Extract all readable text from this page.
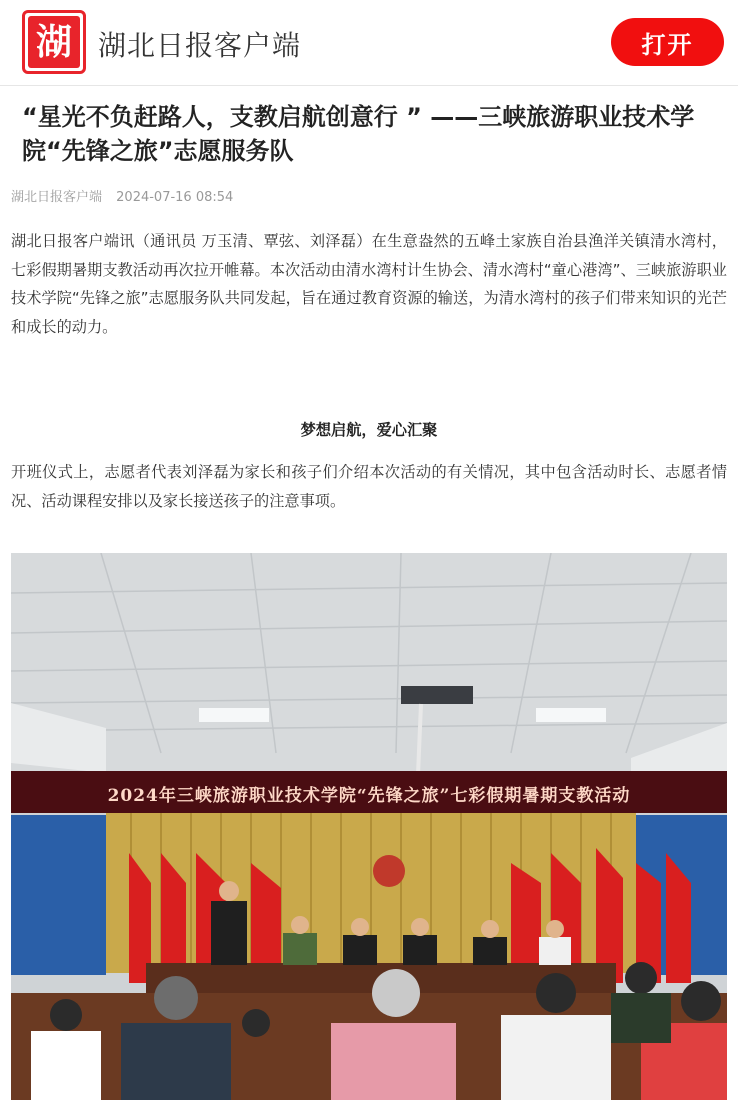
湖 湖北日报客户端	打开
“星光不负赶路人，支教启航创意行 ” ——三峡旅游职业技术学院“先锋之旅”志愿服务队
湖北日报客户端 2024-07-16 08:54

湖北日报客户端讯（通讯员 万玉清、覃弦、刘泽磊）在生意盎然的五峰土家族自治县渔洋关镇清水湾村，七彩假期暑期支教活动再次拉开帷幕。本次活动由清水湾村计生协会、清水湾村“童心港湾”、三峡旅游职业技术学院“先锋之旅”志愿服务队共同发起，旨在通过教育资源的输送，为清水湾村的孩子们带来知识的光芒和成长的动力。

梦想启航，爱心汇聚

开班仪式上，志愿者代表刘泽磊为家长和孩子们介绍本次活动的有关情况，其中包含活动时长、志愿者情况、活动课程安排以及家长接送孩子的注意事项。

2024年三峡旅游职业技术学院“先锋之旅”七彩假期暑期支教活动
